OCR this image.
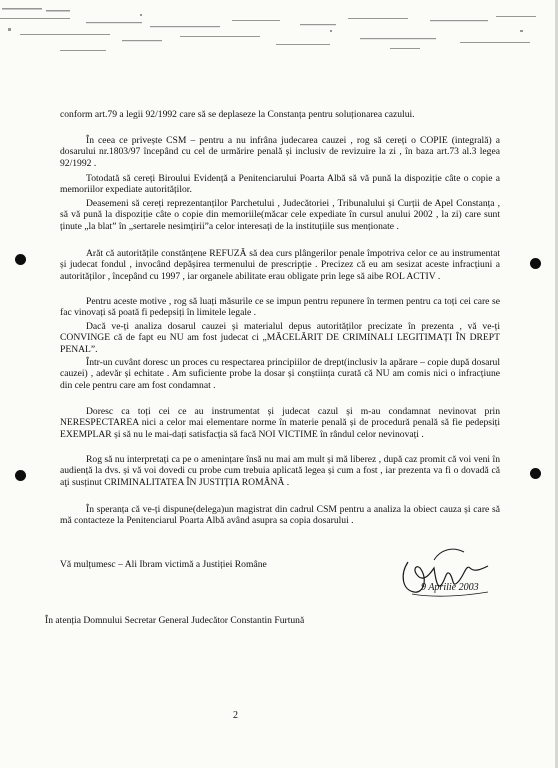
conform art.79 a legii 92/1992 care să se deplaseze la Constanța pentru soluționarea cazului.

În ceea ce privește CSM – pentru a nu infrâna judecarea cauzei , rog să cereți o COPIE (integrală) a dosarului nr.1803/97 începând cu cel de urmărire penală și inclusiv de revizuire la zi , în baza art.73 al.3 legea 92/1992 .

Totodată să cereți Biroului Evidență a Penitenciarului Poarta Albă să vă pună la dispoziție câte o copie a memoriilor expediate autorităților.

Deasemeni să cereți reprezentanților Parchetului , Judecătoriei , Tribunalului și Curții de Apel Constanța , să vă pună la dispoziție câte o copie din memoriile(măcar cele expediate în cursul anului 2002 , la zi) care sunt ținute „la blat” în „sertarele nesimțirii”a celor interesați de la instituțiile sus menționate .

Arăt că autoritățile constănțene REFUZĂ să dea curs plângerilor penale împotriva celor ce au instrumentat și judecat fondul , invocând depășirea termenului de prescripție . Precizez că eu am sesizat aceste infracțiuni a autorităților , începând cu 1997 , iar organele abilitate erau obligate prin lege să aibe ROL ACTIV .

Pentru aceste motive , rog să luați măsurile ce se impun pentru repunere în termen pentru ca toți cei care se fac vinovați să poată fi pedepsiți în limitele legale .

Dacă ve-ți analiza dosarul cauzei și materialul depus autorităților precizate în prezenta , vă ve-ți CONVINGE că de fapt eu NU am fost judecat ci „MĂCELĂRIT DE CRIMINALI LEGITIMAȚI ÎN DREPT PENAL”.

Într-un cuvânt doresc un proces cu respectarea principiilor de drept(inclusiv la apărare – copie după dosarul cauzei) , adevăr și echitate . Am suficiente probe la dosar și conștiința curată că NU am comis nici o infracțiune din cele pentru care am fost condamnat .

Doresc ca toți cei ce au instrumentat și judecat cazul și m-au condamnat nevinovat prin NERESPECTAREA nici a celor mai elementare norme în materie penală și de procedură penală să fie pedepsiți EXEMPLAR și să nu le mai-dați satisfacția să facă NOI VICTIME în rândul celor nevinovați .

Rog să nu interpretați ca pe o amenințare însă nu mai am mult și mă liberez , după caz promit că voi veni în audiență la dvs. și vă voi dovedi cu probe cum trebuia aplicată legea și cum a fost , iar prezenta va fi o dovadă că aţi susținut CRIMINALITATEA ÎN JUSTIȚIA ROMÂNĂ .

În speranța că ve-ți dispune(delega)un magistrat din cadrul CSM pentru a analiza la obiect cauza și care să mă contacteze la Penitenciarul Poarta Albă având asupra sa copia dosarului .

Vă mulțumesc – Ali Ibram victimă a Justiției Române
9 Aprilie 2003
În atenția Domnului Secretar General Judecător Constantin Furtună
2
